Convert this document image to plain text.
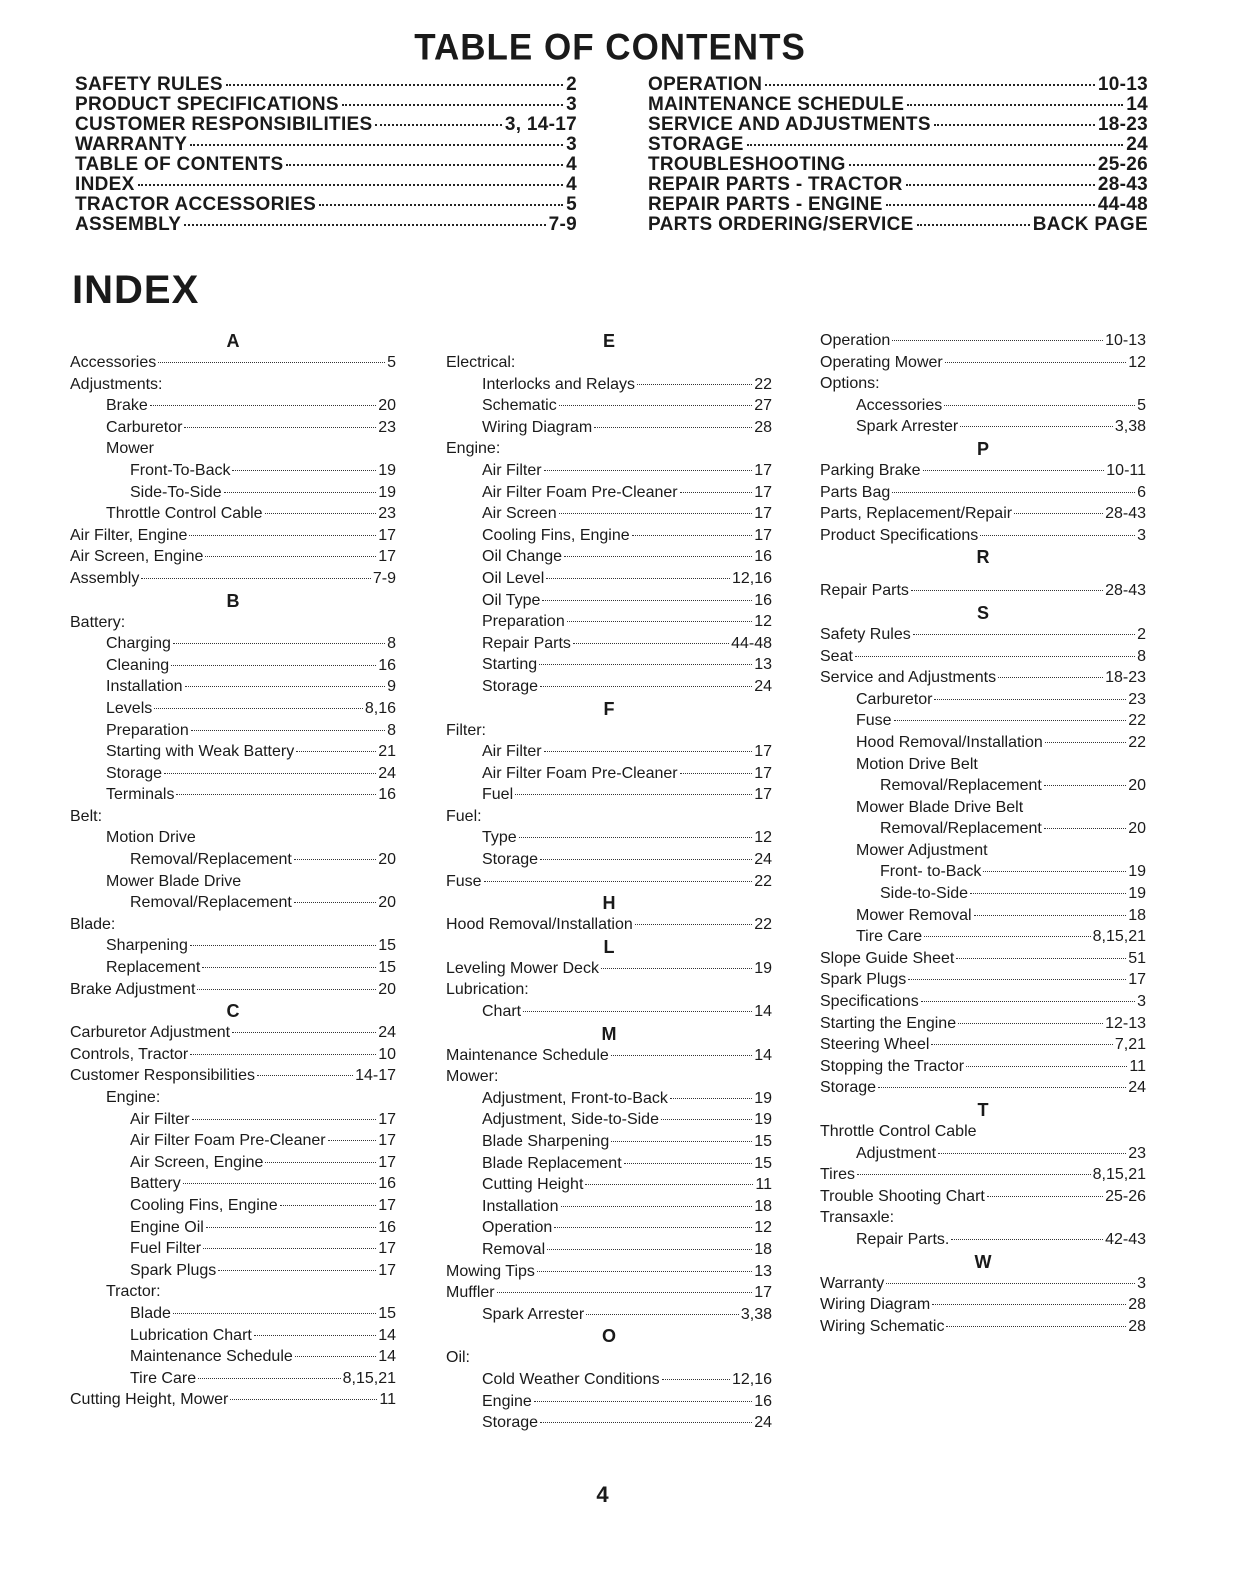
TABLE OF CONTENTS
SAFETY RULES	2
PRODUCT SPECIFICATIONS	3
CUSTOMER RESPONSIBILITIES	3, 14-17
WARRANTY	3
TABLE OF CONTENTS	4
INDEX	4
TRACTOR ACCESSORIES	5
ASSEMBLY	7-9
OPERATION	10-13
MAINTENANCE SCHEDULE	14
SERVICE AND ADJUSTMENTS	18-23
STORAGE	24
TROUBLESHOOTING	25-26
REPAIR PARTS - TRACTOR	28-43
REPAIR PARTS - ENGINE	44-48
PARTS ORDERING/SERVICE	BACK PAGE
INDEX
A
Accessories	5
Adjustments:
Brake	20
Carburetor	23
Mower
Front-To-Back	19
Side-To-Side	19
Throttle Control Cable	23
Air Filter, Engine	17
Air Screen, Engine	17
Assembly	7-9
B
Battery:
Charging	8
Cleaning	16
Installation	9
Levels	8,16
Preparation	8
Starting with Weak Battery	21
Storage	24
Terminals	16
Belt:
Motion Drive
Removal/Replacement	20
Mower Blade Drive
Removal/Replacement	20
Blade:
Sharpening	15
Replacement	15
Brake Adjustment	20
C
Carburetor Adjustment	24
Controls, Tractor	10
Customer Responsibilities	14-17
Engine:
Air Filter	17
Air Filter Foam Pre-Cleaner	17
Air Screen, Engine	17
Battery	16
Cooling Fins, Engine	17
Engine Oil	16
Fuel Filter	17
Spark Plugs	17
Tractor:
Blade	15
Lubrication Chart	14
Maintenance Schedule	14
Tire Care	8,15,21
Cutting Height, Mower	11
E
Electrical:
Interlocks and Relays	22
Schematic	27
Wiring Diagram	28
Engine:
Air Filter	17
Air Filter Foam Pre-Cleaner	17
Air Screen	17
Cooling Fins, Engine	17
Oil Change	16
Oil Level	12,16
Oil Type	16
Preparation	12
Repair Parts	44-48
Starting	13
Storage	24
F
Filter:
Air Filter	17
Air Filter Foam Pre-Cleaner	17
Fuel	17
Fuel:
Type	12
Storage	24
Fuse	22
H
Hood Removal/Installation	22
L
Leveling Mower Deck	19
Lubrication:
Chart	14
M
Maintenance Schedule	14
Mower:
Adjustment, Front-to-Back	19
Adjustment, Side-to-Side	19
Blade Sharpening	15
Blade Replacement	15
Cutting Height	11
Installation	18
Operation	12
Removal	18
Mowing Tips	13
Muffler	17
Spark Arrester	3,38
O
Oil:
Cold Weather Conditions	12,16
Engine	16
Storage	24
Operation	10-13
Operating Mower	12
Options:
Accessories	5
Spark Arrester	3,38
P
Parking Brake	10-11
Parts Bag	6
Parts, Replacement/Repair	28-43
Product Specifications	3
R
Repair Parts	28-43
S
Safety Rules	2
Seat	8
Service and Adjustments	18-23
Carburetor	23
Fuse	22
Hood Removal/Installation	22
Motion Drive Belt
Removal/Replacement	20
Mower Blade Drive Belt
Removal/Replacement	20
Mower Adjustment
Front- to-Back	19
Side-to-Side	19
Mower Removal	18
Tire Care	8,15,21
Slope Guide Sheet	51
Spark Plugs	17
Specifications	3
Starting the Engine	12-13
Steering Wheel	7,21
Stopping the Tractor	11
Storage	24
T
Throttle Control Cable
Adjustment	23
Tires	8,15,21
Trouble Shooting Chart	25-26
Transaxle:
Repair Parts.	42-43
W
Warranty	3
Wiring Diagram	28
Wiring Schematic	28
4
